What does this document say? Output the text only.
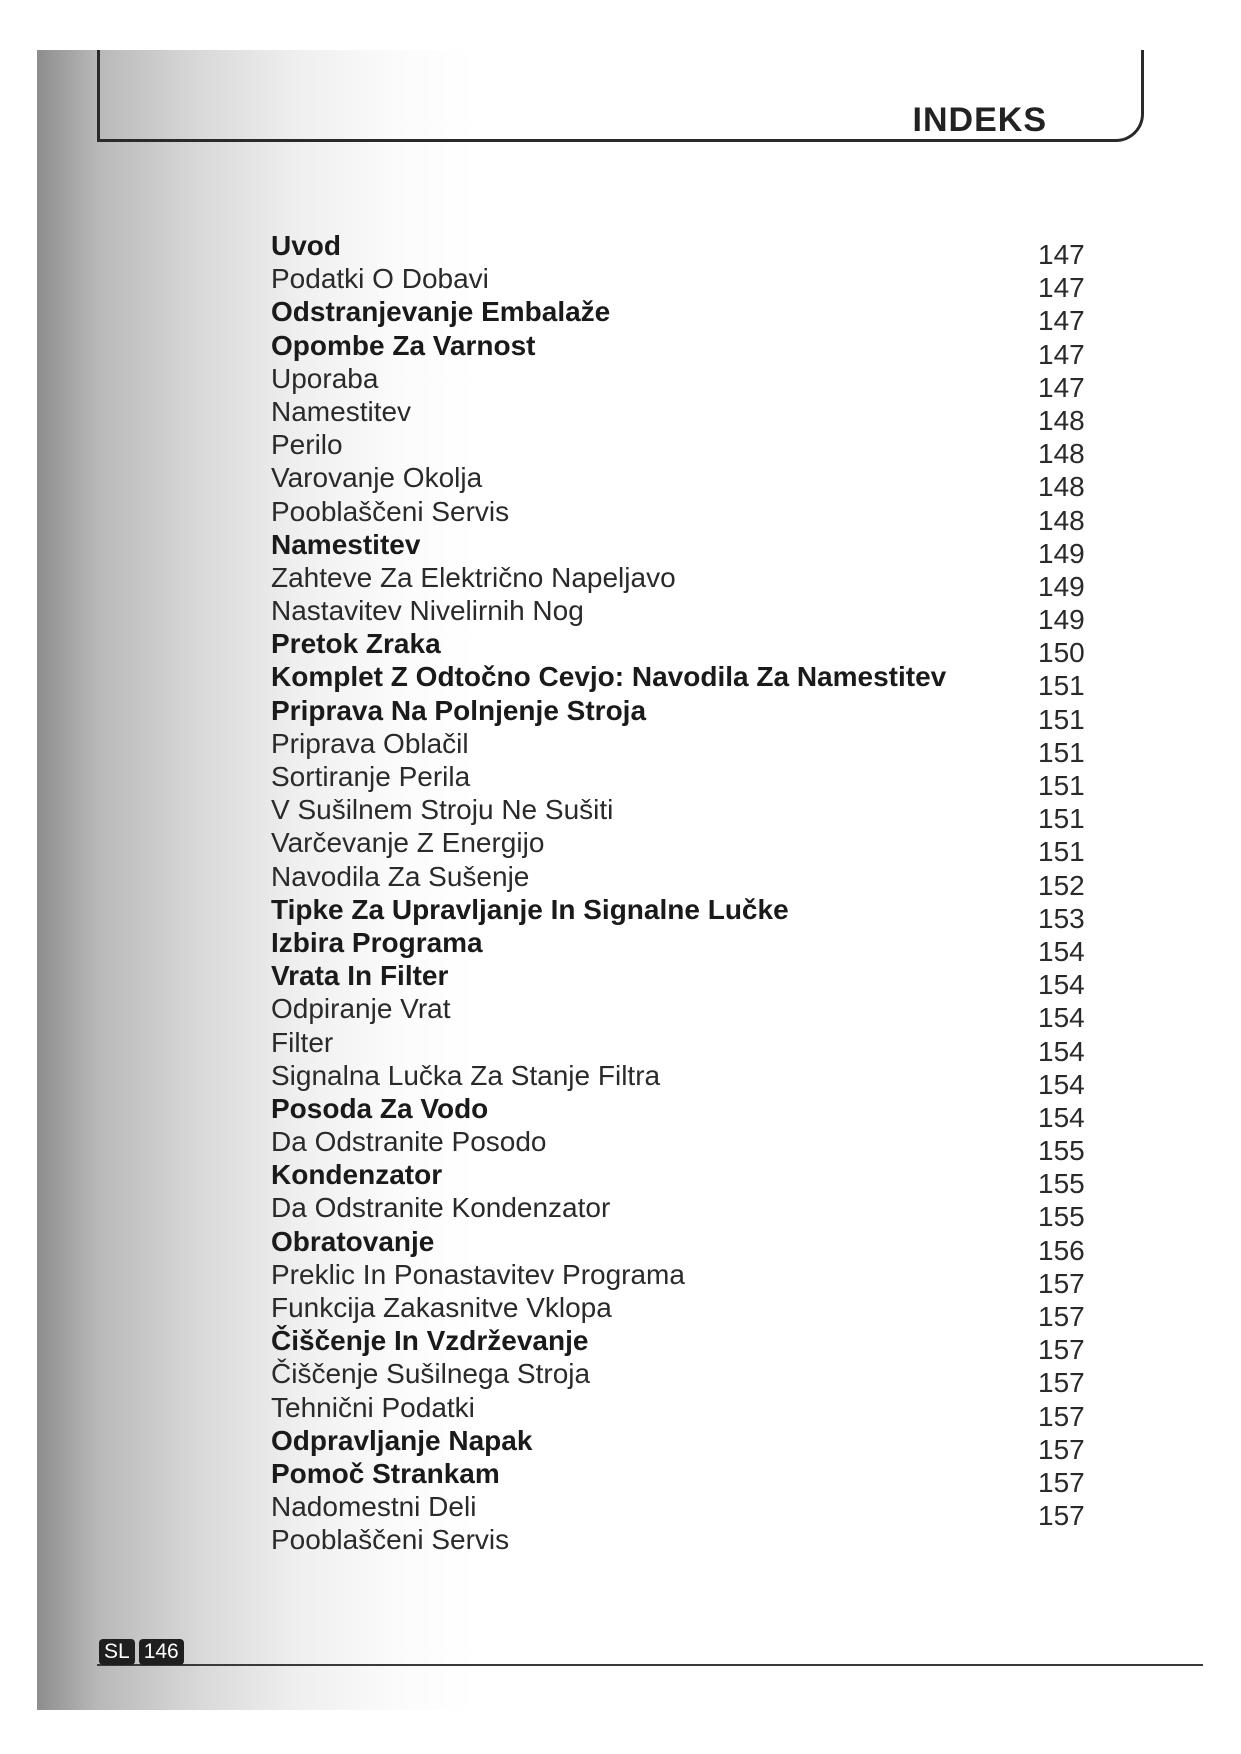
INDEKS
Uvod
Podatki O Dobavi
Odstranjevanje Embalaže
Opombe Za Varnost
Uporaba
Namestitev
Perilo
Varovanje Okolja
Pooblaščeni Servis
Namestitev
Zahteve Za Električno Napeljavo
Nastavitev Nivelirnih Nog
Pretok Zraka
Komplet Z Odtočno Cevjo: Navodila Za Namestitev
Priprava Na Polnjenje Stroja
Priprava Oblačil
Sortiranje Perila
V Sušilnem Stroju Ne Sušiti
Varčevanje Z Energijo
Navodila Za Sušenje
Tipke Za Upravljanje In Signalne Lučke
Izbira Programa
Vrata In Filter
Odpiranje Vrat
Filter
Signalna Lučka Za Stanje Filtra
Posoda Za Vodo
Da Odstranite Posodo
Kondenzator
Da Odstranite Kondenzator
Obratovanje
Preklic In Ponastavitev Programa
Funkcija Zakasnitve Vklopa
Čiščenje In Vzdrževanje
Čiščenje Sušilnega Stroja
Tehnični Podatki
Odpravljanje Napak
Pomoč Strankam
Nadomestni Deli
Pooblaščeni Servis
147
147
147
147
147
148
148
148
148
149
149
149
150
151
151
151
151
151
151
152
153
154
154
154
154
154
154
155
155
155
156
157
157
157
157
157
157
157
157
SL 146
